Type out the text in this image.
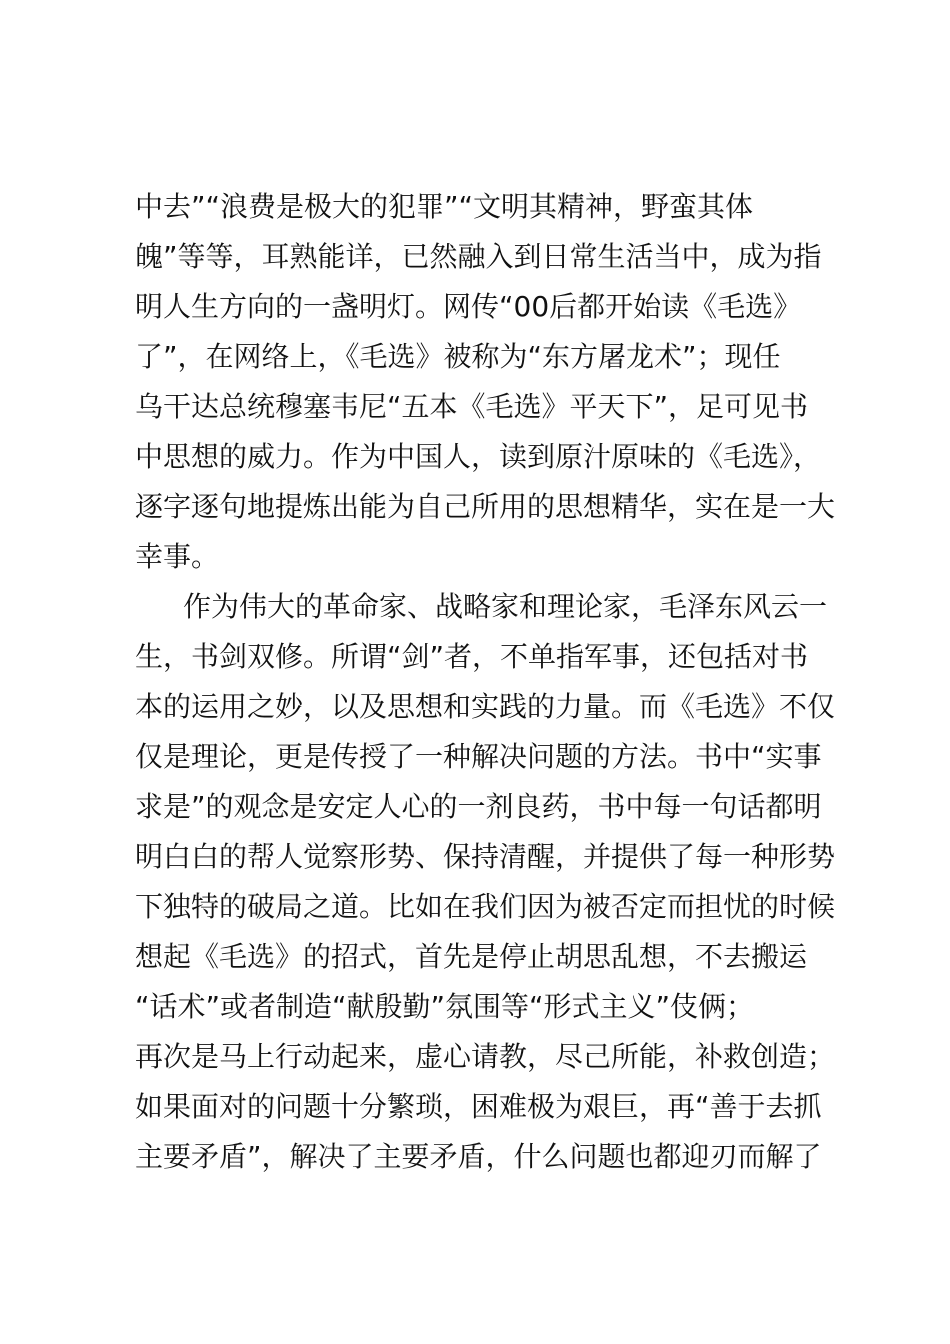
中去”“浪费是极大的犯罪”“文明其精神，野蛮其体
魄”等等，耳熟能详，已然融入到日常生活当中，成为指
明人生方向的一盏明灯。网传“00后都开始读《毛选》
了”，在网络上，《毛选》被称为“东方屠龙术”；现任
乌干达总统穆塞韦尼“五本《毛选》平天下”，足可见书
中思想的威力。作为中国人，读到原汁原味的《毛选》，
逐字逐句地提炼出能为自己所用的思想精华，实在是一大
幸事。
作为伟大的革命家、战略家和理论家，毛泽东风云一
生，书剑双修。所谓“剑”者，不单指军事，还包括对书
本的运用之妙，以及思想和实践的力量。而《毛选》不仅
仅是理论，更是传授了一种解决问题的方法。书中“实事
求是”的观念是安定人心的一剂良药，书中每一句话都明
明白白的帮人觉察形势、保持清醒，并提供了每一种形势
下独特的破局之道。比如在我们因为被否定而担忧的时候
想起《毛选》的招式，首先是停止胡思乱想，不去搬运
“话术”或者制造“献殷勤”氛围等“形式主义”伎俩；
再次是马上行动起来，虚心请教，尽己所能，补救创造；
如果面对的问题十分繁琐，困难极为艰巨，再“善于去抓
主要矛盾”，解决了主要矛盾，什么问题也都迎刃而解了
